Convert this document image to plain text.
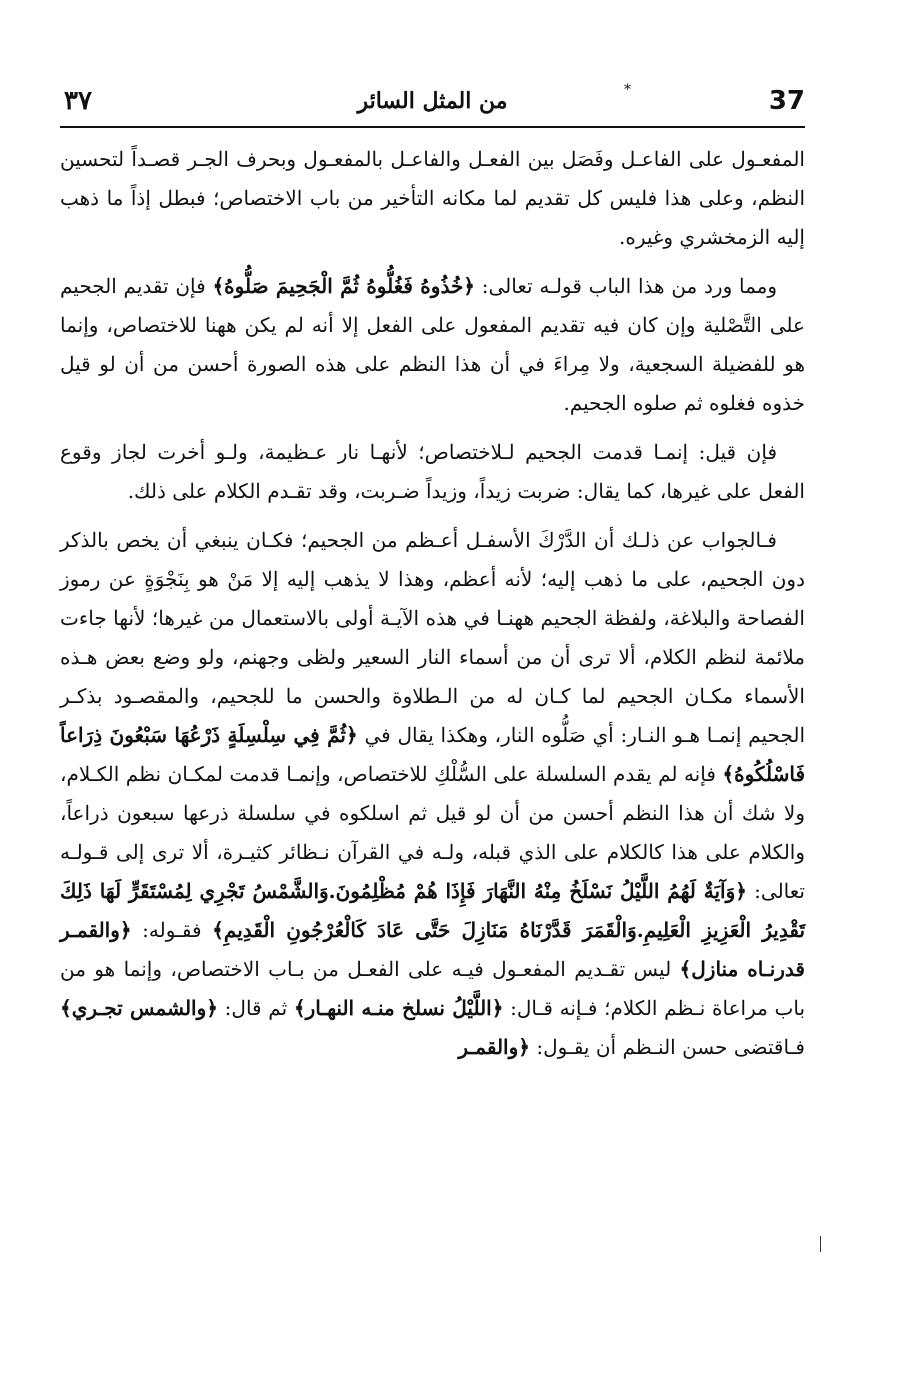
37
*
من المثل السائر
٣٧

المفعـول على الفاعـل وفَصَل بين الفعـل والفاعـل بالمفعـول وبحرف الجـر قصـداً لتحسين النظم، وعلى هذا فليس كل تقديم لما مكانه التأخير من باب الاختصاص؛ فبطل إذاً ما ذهب إليه الزمخشري وغيره.

ومما ورد من هذا الباب قولـه تعالى: ﴿خُذُوهُ فَغُلُّوهُ ثُمَّ الْجَحِيمَ صَلُّوهُ﴾ فإن تقديم الجحيم على التَّصْلية وإن كان فيه تقديم المفعول على الفعل إلا أنه لم يكن ههنا للاختصاص، وإنما هو للفضيلة السجعية، ولا مِراءَ في أن هذا النظم على هذه الصورة أحسن من أن لو قيل خذوه فغلوه ثم صلوه الجحيم.

فإن قيل: إنمـا قدمت الجحيم لـلاختصاص؛ لأنهـا نار عـظيمة، ولـو أخرت لجاز وقوع الفعل على غيرها، كما يقال: ضربت زيداً، وزيداً ضـربت، وقد تقـدم الكلام على ذلك.

فـالجواب عن ذلـك أن الدَّرْكَ الأسفـل أعـظم من الجحيم؛ فكـان ينبغي أن يخص بالذكر دون الجحيم، على ما ذهب إليه؛ لأنه أعظم، وهذا لا يذهب إليه إلا مَنْ هو بِنَجْوَةٍ عن رموز الفصاحة والبلاغة، ولفظة الجحيم ههنـا في هذه الآيـة أولى بالاستعمال من غيرها؛ لأنها جاءت ملائمة لنظم الكلام، ألا ترى أن من أسماء النار السعير ولظى وجهنم، ولو وضع بعض هـذه الأسماء مكـان الجحيم لما كـان له من الـطلاوة والحسن ما للجحيم، والمقصـود بذكـر الجحيم إنمـا هـو النـار: أي صَلُّوه النار، وهكذا يقال في ﴿ثُمَّ فِي سِلْسِلَةٍ ذَرْعُهَا سَبْعُونَ ذِرَاعاً فَاسْلُكُوهُ﴾ فإنه لم يقدم السلسلة على السُّلْكِ للاختصاص، وإنمـا قدمت لمكـان نظم الكـلام، ولا شك أن هذا النظم أحسن من أن لو قيل ثم اسلكوه في سلسلة ذرعها سبعون ذراعاً، والكلام على هذا كالكلام على الذي قبله، ولـه في القرآن نـظائر كثيـرة، ألا ترى إلى قـولـه تعالى: ﴿وَآيَةٌ لَهُمُ اللَّيْلُ نَسْلَخُ مِنْهُ النَّهَارَ فَإِذَا هُمْ مُظْلِمُونَ.وَالشَّمْسُ تَجْرِي لِمُسْتَقَرٍّ لَهَا ذَلِكَ تَقْدِيرُ الْعَزِيزِ الْعَلِيمِ.وَالْقَمَرَ قَدَّرْنَاهُ مَنَازِلَ حَتَّى عَادَ كَالْعُرْجُونِ الْقَدِيمِ﴾ فقـوله: ﴿والقمـر قدرنـاه منازل﴾ ليس تقـديم المفعـول فيـه على الفعـل من بـاب الاختصاص، وإنما هو من باب مراعاة نـظم الكلام؛ فـإنه قـال: ﴿اللَّيْلُ نسلخ منـه النهـار﴾ ثم قال: ﴿والشمس تجـري﴾ فـاقتضى حسن النـظم أن يقـول: ﴿والقمـر
